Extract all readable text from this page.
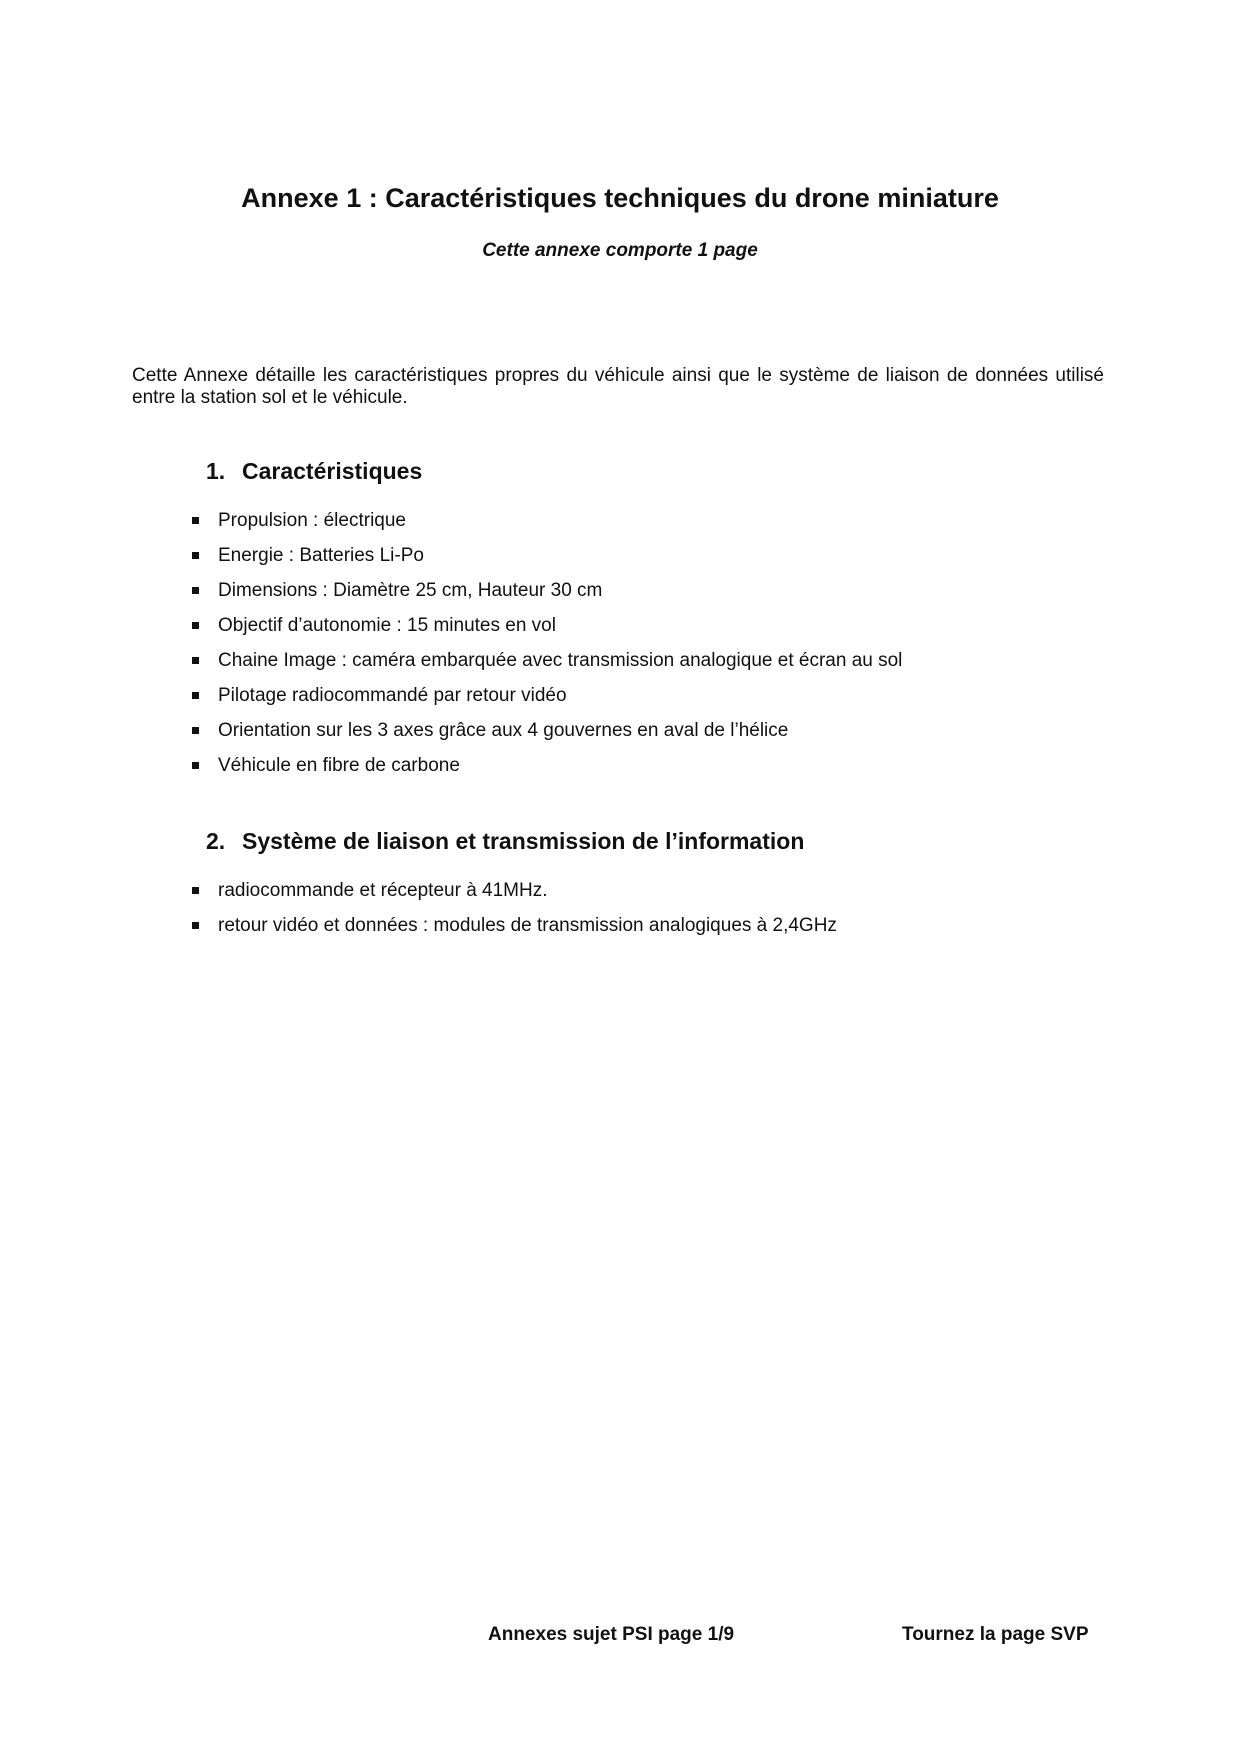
Annexe 1 : Caractéristiques techniques du drone miniature
Cette annexe comporte 1 page

Cette Annexe détaille les caractéristiques propres du véhicule ainsi que le système de liaison de données utilisé entre la station sol et le véhicule.

1. Caractéristiques
Propulsion : électrique
Energie : Batteries Li-Po
Dimensions : Diamètre 25 cm, Hauteur 30 cm
Objectif d’autonomie : 15 minutes en vol
Chaine Image : caméra embarquée avec transmission analogique et écran au sol
Pilotage radiocommandé par retour vidéo
Orientation sur les 3 axes grâce aux 4 gouvernes en aval de l’hélice
Véhicule en fibre de carbone
2. Système de liaison et transmission de l’information
radiocommande et récepteur à 41MHz.
retour vidéo et données : modules de transmission analogiques à 2,4GHz
Annexes sujet PSI page 1/9	Tournez la page SVP
